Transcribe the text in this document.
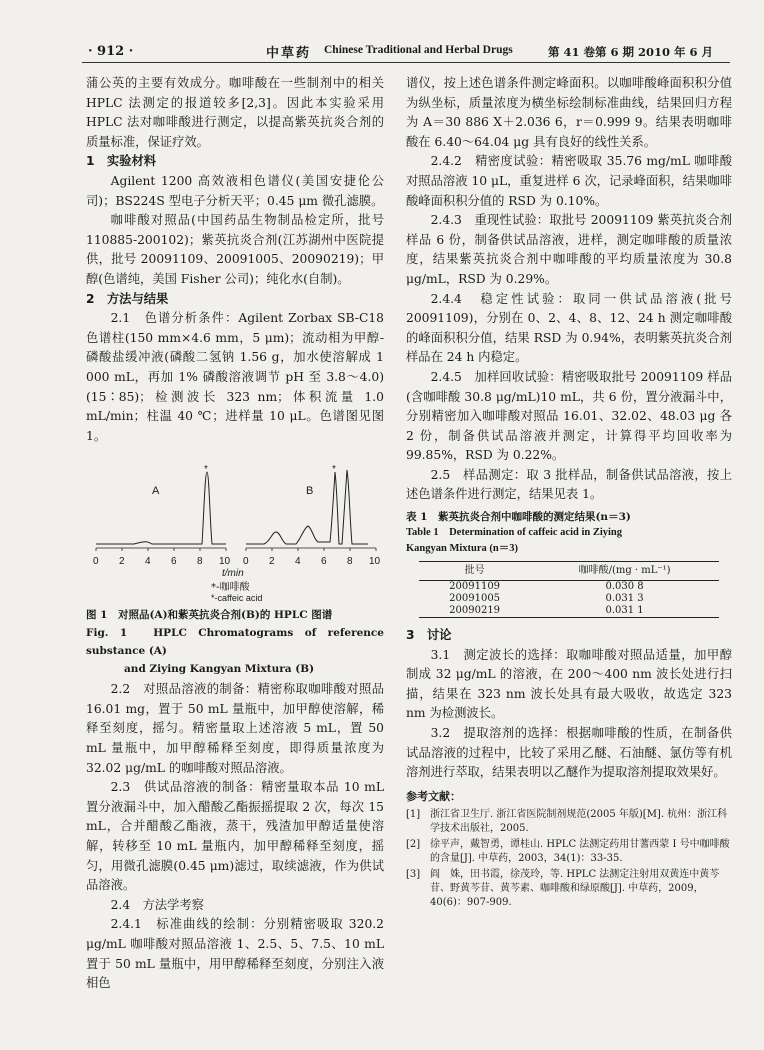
· 912 ·	中草药 Chinese Traditional and Herbal Drugs	第 41 卷第 6 期 2010 年 6 月

蒲公英的主要有效成分。咖啡酸在一些制剂中的相关 HPLC 法测定的报道较多[2,3]。因此本实验采用 HPLC 法对咖啡酸进行测定，以提高紫英抗炎合剂的质量标准，保证疗效。

1　实验材料

Agilent 1200 高效液相色谱仪(美国安捷伦公司)；BS224S 型电子分析天平；0.45 μm 微孔滤膜。

咖啡酸对照品(中国药品生物制品检定所，批号110885-200102)；紫英抗炎合剂(江苏湖州中医院提供，批号 20091109、20091005、20090219)；甲醇(色谱纯，美国 Fisher 公司)；纯化水(自制)。

2　方法与结果

2.1　色谱分析条件：Agilent Zorbax SB-C18 色谱柱(150 mm×4.6 mm，5 μm)；流动相为甲醇-磷酸盐缓冲液(磷酸二氢钠 1.56 g，加水使溶解成 1 000 mL，再加 1% 磷酸溶液调节 pH 至 3.8～4.0)(15∶85)；检测波长 323 nm；体积流量 1.0 mL/min；柱温 40 ℃；进样量 10 μL。色谱图见图 1。

A	B
*	*
0 2 4 6 8 10 0 2 4 6 8 10
t/min
*-咖啡酸
*-caffeic acid

图 1　对照品(A)和紫英抗炎合剂(B)的 HPLC 图谱

Fig. 1　HPLC Chromatograms of reference substance (A)

and Ziying Kangyan Mixtura (B)

2.2　对照品溶液的制备：精密称取咖啡酸对照品 16.01 mg，置于 50 mL 量瓶中，加甲醇使溶解，稀释至刻度，摇匀。精密量取上述溶液 5 mL，置 50 mL 量瓶中，加甲醇稀释至刻度，即得质量浓度为 32.02 μg/mL 的咖啡酸对照品溶液。

2.3　供试品溶液的制备：精密量取本品 10 mL 置分液漏斗中，加入醋酸乙酯振摇提取 2 次，每次 15 mL，合并醋酸乙酯液，蒸干，残渣加甲醇适量使溶解，转移至 10 mL 量瓶内，加甲醇稀释至刻度，摇匀，用微孔滤膜(0.45 μm)滤过，取续滤液，作为供试品溶液。

2.4　方法学考察

2.4.1　标准曲线的绘制：分别精密吸取 320.2 μg/mL 咖啡酸对照品溶液 1、2.5、5、7.5、10 mL 置于 50 mL 量瓶中，用甲醇稀释至刻度，分别注入液相色

谱仪，按上述色谱条件测定峰面积。以咖啡酸峰面积积分值为纵坐标，质量浓度为横坐标绘制标准曲线，结果回归方程为 A＝30 886 X＋2.036 6，r＝0.999 9。结果表明咖啡酸在 6.40～64.04 μg 具有良好的线性关系。

2.4.2　精密度试验：精密吸取 35.76 mg/mL 咖啡酸对照品溶液 10 μL，重复进样 6 次，记录峰面积，结果咖啡酸峰面积积分值的 RSD 为 0.10%。

2.4.3　重现性试验：取批号 20091109 紫英抗炎合剂样品 6 份，制备供试品溶液，进样，测定咖啡酸的质量浓度，结果紫英抗炎合剂中咖啡酸的平均质量浓度为 30.8 μg/mL，RSD 为 0.29%。

2.4.4　稳定性试验：取同一供试品溶液(批号 20091109)，分别在 0、2、4、8、12、24 h 测定咖啡酸的峰面积积分值，结果 RSD 为 0.94%，表明紫英抗炎合剂样品在 24 h 内稳定。

2.4.5　加样回收试验：精密吸取批号 20091109 样品(含咖啡酸 30.8 μg/mL)10 mL，共 6 份，置分液漏斗中，分别精密加入咖啡酸对照品 16.01、32.02、48.03 μg 各 2 份，制备供试品溶液并测定，计算得平均回收率为 99.85%，RSD 为 0.22%。

2.5　样品测定：取 3 批样品，制备供试品溶液，按上述色谱条件进行测定，结果见表 1。

表 1　紫英抗炎合剂中咖啡酸的测定结果(n＝3)

Table 1　Determination of caffeic acid in Ziying

Kangyan Mixtura (n＝3)

批号	咖啡酸/(mg · mL⁻¹)
20091109	0.030 8
20091005	0.031 3
20090219	0.031 1

3　讨论

3.1　测定波长的选择：取咖啡酸对照品适量，加甲醇制成 32 μg/mL 的溶液，在 200～400 nm 波长处进行扫描，结果在 323 nm 波长处具有最大吸收，故选定 323 nm 为检测波长。

3.2　提取溶剂的选择：根据咖啡酸的性质，在制备供试品溶液的过程中，比较了采用乙醚、石油醚、氯仿等有机溶剂进行萃取，结果表明以乙醚作为提取溶剂提取效果好。

参考文献：
[1] 浙江省卫生厅. 浙江省医院制剂规范(2005 年版)[M]. 杭州：浙江科学技术出版社，2005.
[2] 徐平声，戴智勇，谭桂山. HPLC 法测定药用甘蓍西蒙 I 号中咖啡酸的含量[J]. 中草药，2003，34(1)：33-35.
[3] 阎　姝，田书霞，徐茂玲，等. HPLC 法测定注射用双黄连中黄芩苷、野黄芩苷、黄芩素、咖啡酸和绿原酸[J]. 中草药，2009，40(6)：907-909.
